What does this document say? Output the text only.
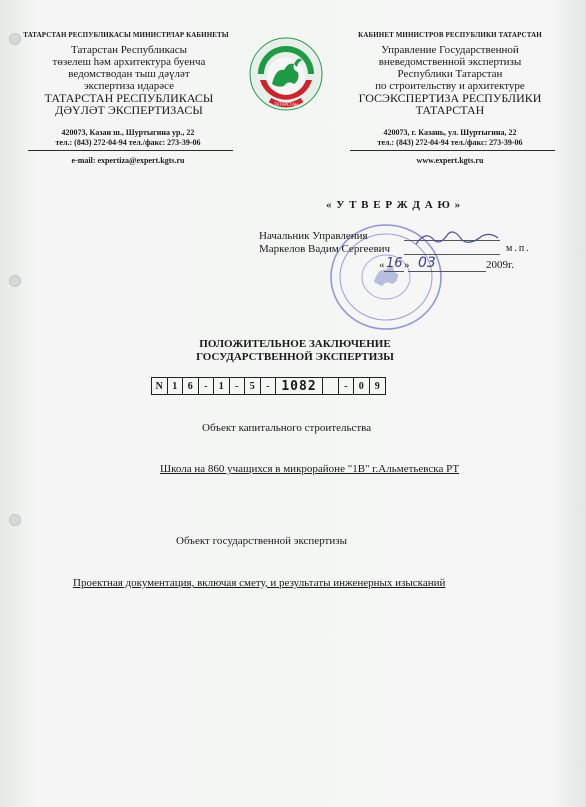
ТАТАРСТАН РЕСПУБЛИКАСЫ МИНИСТРЛАР КАБИНЕТЫ
Татарстан Республикасы
төзелеш һәм архитектура буенча
ведомстводан тыш дәүләт
экспертиза идарәсе
ТАТАРСТАН РЕСПУБЛИКАСЫ
ДӘҮЛӘТ ЭКСПЕРТИЗАСЫ
420073, Казан ш., Шуртыгина ур., 22
тел.: (843) 272-04-94 тел./факс: 273-39-06
e-mail: expertiza@expert.kgts.ru
ТАТАРСТАН
КАБИНЕТ МИНИСТРОВ РЕСПУБЛИКИ ТАТАРСТАН
Управление Государственной
вневедомственной экспертизы
Республики Татарстан
по строительству и архитектуре
ГОСЭКСПЕРТИЗА РЕСПУБЛИКИ
ТАТАРСТАН
420073, г. Казань, ул. Шуртыгина, 22
тел.: (843) 272-04-94 тел./факс: 273-39-06
www.expert.kgts.ru
« У Т В Е Р Ж Д А Ю »
Начальник Управления
Маркелов Вадим Сергеевич	м.п.
« 16 » 03	2009г.
ПОЛОЖИТЕЛЬНОЕ ЗАКЛЮЧЕНИЕ
ГОСУДАРСТВЕННОЙ ЭКСПЕРТИЗЫ
N 1	6	-	1	-	5	- 1082	-	0	9
Объект капитального строительства
Школа на 860 учащихся в микрорайоне "1В" г.Альметьевска РТ
Объект государственной экспертизы
Проектная документация, включая смету, и результаты инженерных изысканий
